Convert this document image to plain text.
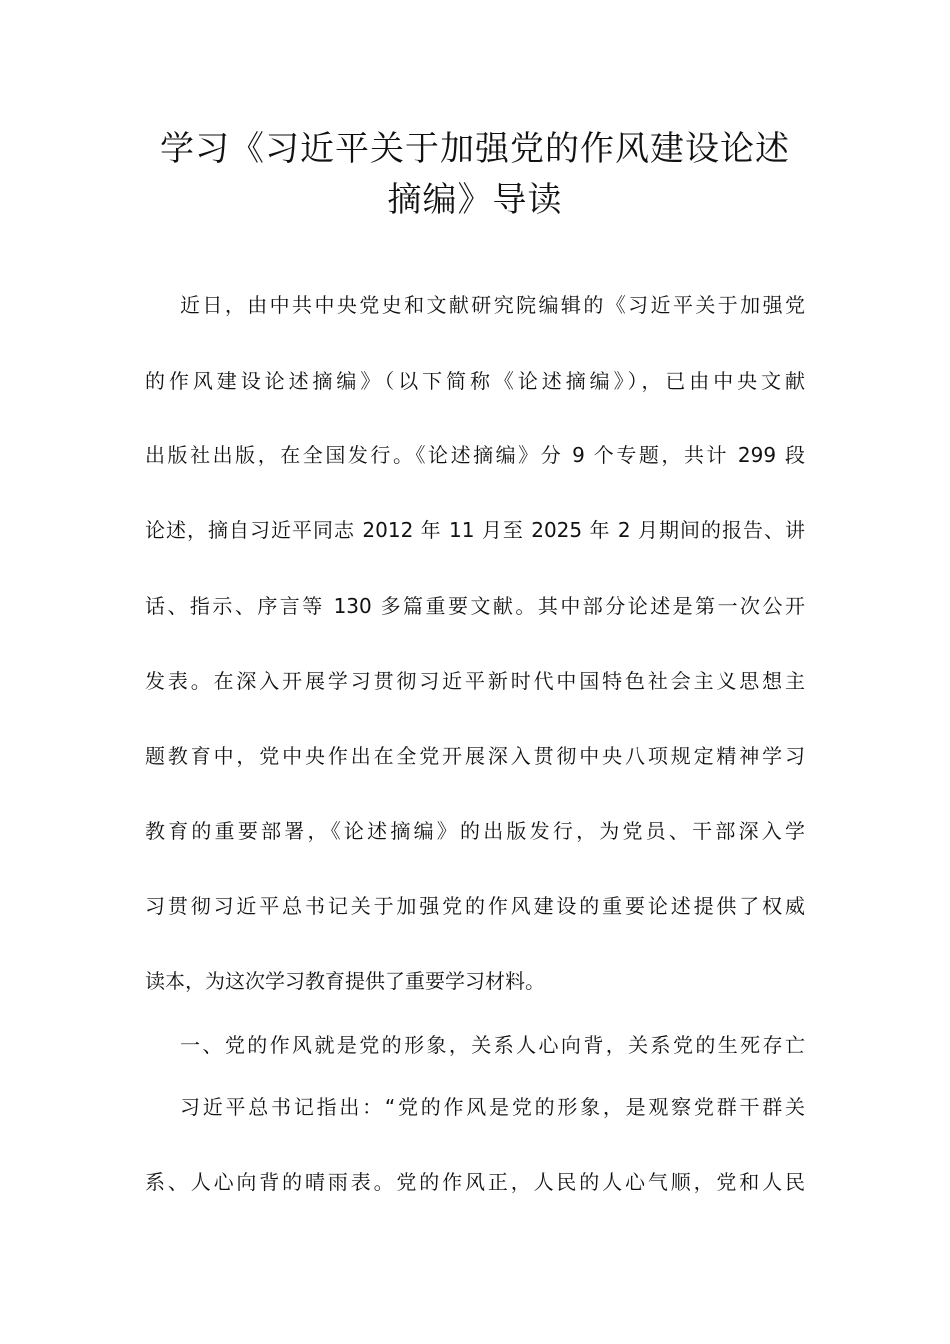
学习《习近平关于加强党的作风建设论述
摘编》导读

近日，由中共中央党史和文献研究院编辑的《习近平关于加强党

的作风建设论述摘编》（以下简称《论述摘编》），已由中央文献

出版社出版，在全国发行。《论述摘编》分 9 个专题，共计 299 段

论述，摘自习近平同志 2012 年 11 月至 2025 年 2 月期间的报告、讲

话、指示、序言等 130 多篇重要文献。其中部分论述是第一次公开

发表。在深入开展学习贯彻习近平新时代中国特色社会主义思想主

题教育中，党中央作出在全党开展深入贯彻中央八项规定精神学习

教育的重要部署，《论述摘编》的出版发行，为党员、干部深入学

习贯彻习近平总书记关于加强党的作风建设的重要论述提供了权威

读本，为这次学习教育提供了重要学习材料。

一、党的作风就是党的形象，关系人心向背，关系党的生死存亡

习近平总书记指出：“党的作风是党的形象，是观察党群干群关

系、人心向背的晴雨表。党的作风正，人民的人心气顺，党和人民
